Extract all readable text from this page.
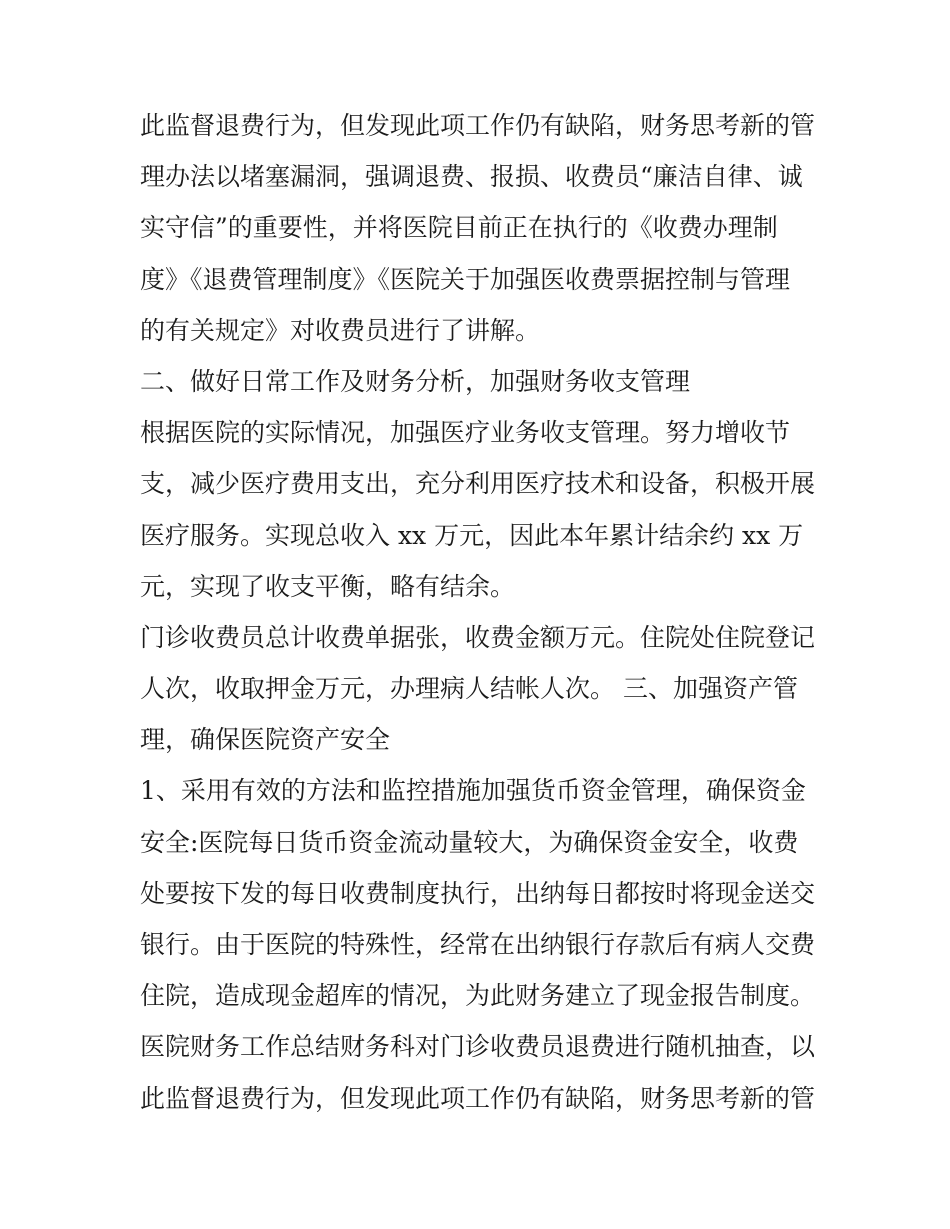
此监督退费行为，但发现此项工作仍有缺陷，财务思考新的管
理办法以堵塞漏洞，强调退费、报损、收费员“廉洁自律、诚
实守信”的重要性，并将医院目前正在执行的《收费办理制
度》《退费管理制度》《医院关于加强医收费票据控制与管理
的有关规定》对收费员进行了讲解。
二、做好日常工作及财务分析，加强财务收支管理
根据医院的实际情况，加强医疗业务收支管理。努力增收节
支，减少医疗费用支出，充分利用医疗技术和设备，积极开展
医疗服务。实现总收入 xx 万元，因此本年累计结余约 xx 万
元，实现了收支平衡，略有结余。
门诊收费员总计收费单据张，收费金额万元。住院处住院登记
人次，收取押金万元，办理病人结帐人次。 三、加强资产管
理，确保医院资产安全
1、采用有效的方法和监控措施加强货币资金管理，确保资金
安全:医院每日货币资金流动量较大，为确保资金安全，收费
处要按下发的每日收费制度执行，出纳每日都按时将现金送交
银行。由于医院的特殊性，经常在出纳银行存款后有病人交费
住院，造成现金超库的情况，为此财务建立了现金报告制度。
医院财务工作总结财务科对门诊收费员退费进行随机抽查，以
此监督退费行为，但发现此项工作仍有缺陷，财务思考新的管
